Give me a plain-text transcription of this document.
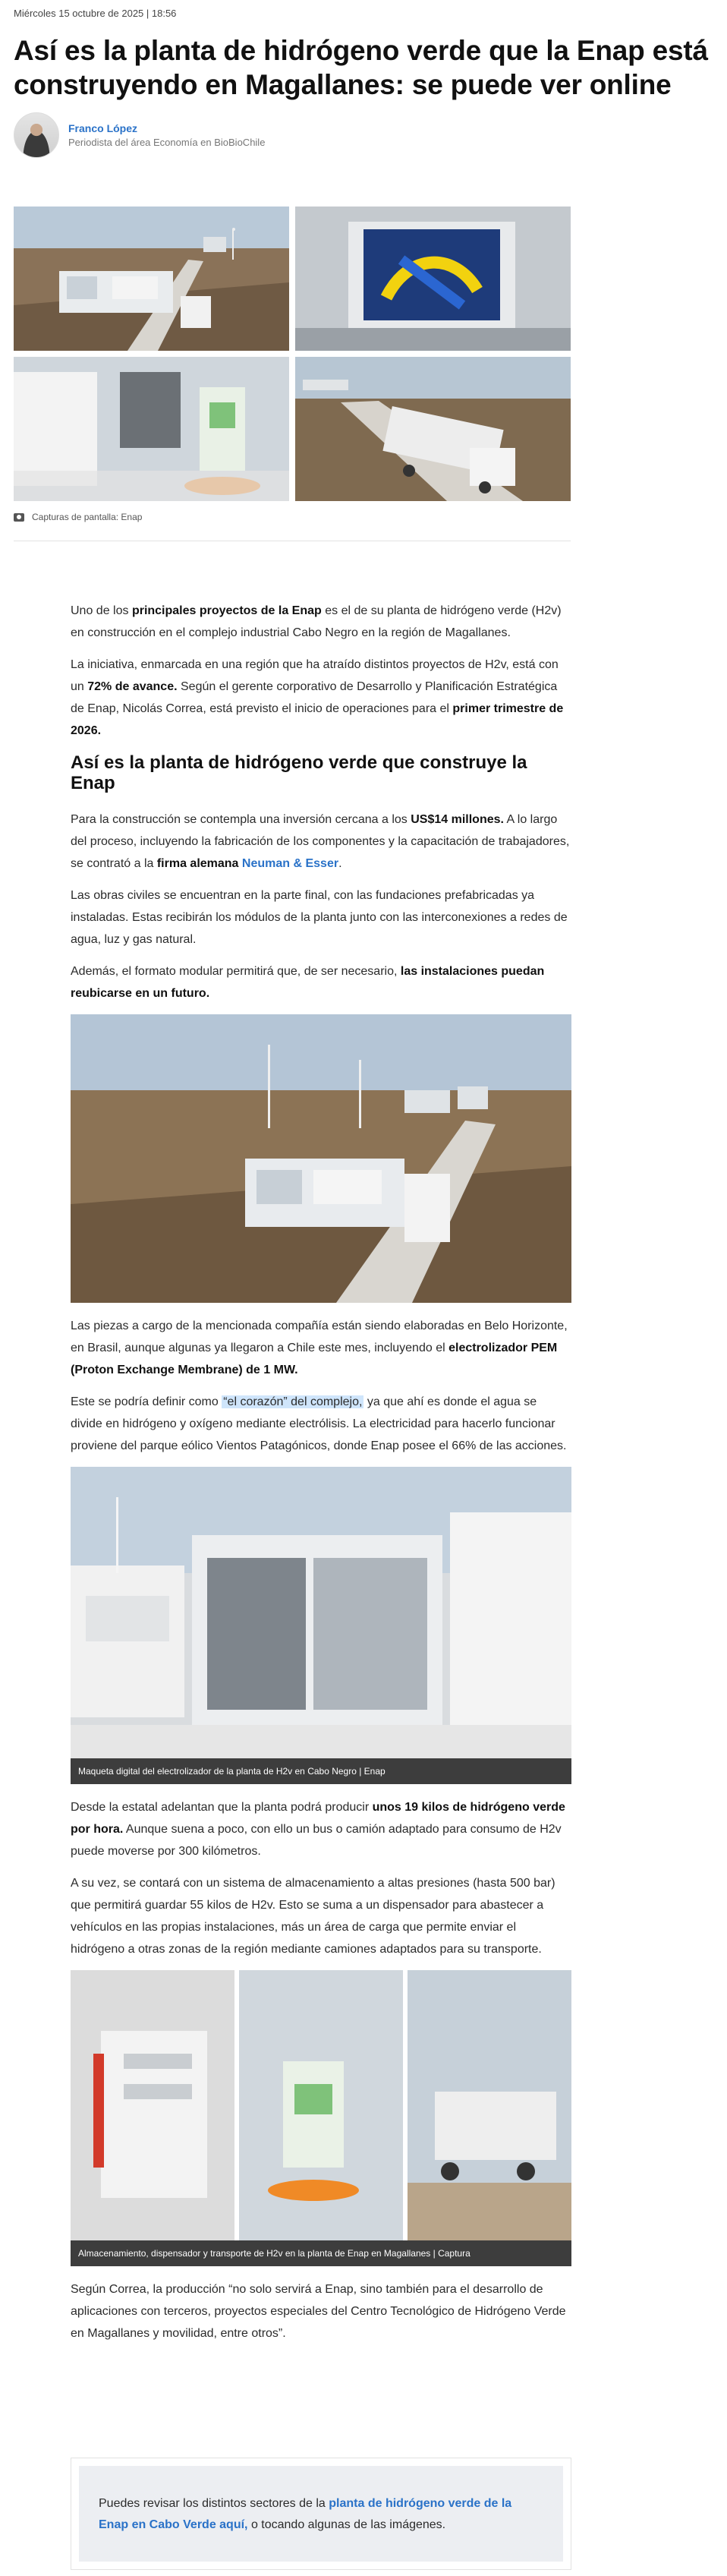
Miércoles 15 octubre de 2025 | 18:56
Así es la planta de hidrógeno verde que la Enap está construyendo en Magallanes: se puede ver online
Franco López
Periodista del área Economía en BioBioChile
Capturas de pantalla: Enap

Uno de los principales proyectos de la Enap es el de su planta de hidrógeno verde (H2v) en construcción en el complejo industrial Cabo Negro en la región de Magallanes.

La iniciativa, enmarcada en una región que ha atraído distintos proyectos de H2v, está con un 72% de avance. Según el gerente corporativo de Desarrollo y Planificación Estratégica de Enap, Nicolás Correa, está previsto el inicio de operaciones para el primer trimestre de 2026.

Así es la planta de hidrógeno verde que construye la Enap

Para la construcción se contempla una inversión cercana a los US$14 millones. A lo largo del proceso, incluyendo la fabricación de los componentes y la capacitación de trabajadores, se contrató a la firma alemana Neuman & Esser.

Las obras civiles se encuentran en la parte final, con las fundaciones prefabricadas ya instaladas. Estas recibirán los módulos de la planta junto con las interconexiones a redes de agua, luz y gas natural.

Además, el formato modular permitirá que, de ser necesario, las instalaciones puedan reubicarse en un futuro.

Las piezas a cargo de la mencionada compañía están siendo elaboradas en Belo Horizonte, en Brasil, aunque algunas ya llegaron a Chile este mes, incluyendo el electrolizador PEM (Proton Exchange Membrane) de 1 MW.

Este se podría definir como “el corazón” del complejo, ya que ahí es donde el agua se divide en hidrógeno y oxígeno mediante electrólisis. La electricidad para hacerlo funcionar proviene del parque eólico Vientos Patagónicos, donde Enap posee el 66% de las acciones.

Maqueta digital del electrolizador de la planta de H2v en Cabo Negro | Enap

Desde la estatal adelantan que la planta podrá producir unos 19 kilos de hidrógeno verde por hora. Aunque suena a poco, con ello un bus o camión adaptado para consumo de H2v puede moverse por 300 kilómetros.

A su vez, se contará con un sistema de almacenamiento a altas presiones (hasta 500 bar) que permitirá guardar 55 kilos de H2v. Esto se suma a un dispensador para abastecer a vehículos en las propias instalaciones, más un área de carga que permite enviar el hidrógeno a otras zonas de la región mediante camiones adaptados para su transporte.

Almacenamiento, dispensador y transporte de H2v en la planta de Enap en Magallanes | Captura

Según Correa, la producción “no solo servirá a Enap, sino también para el desarrollo de aplicaciones con terceros, proyectos especiales del Centro Tecnológico de Hidrógeno Verde en Magallanes y movilidad, entre otros”.

Puedes revisar los distintos sectores de la planta de hidrógeno verde de la Enap en Cabo Verde aquí, o tocando algunas de las imágenes.
